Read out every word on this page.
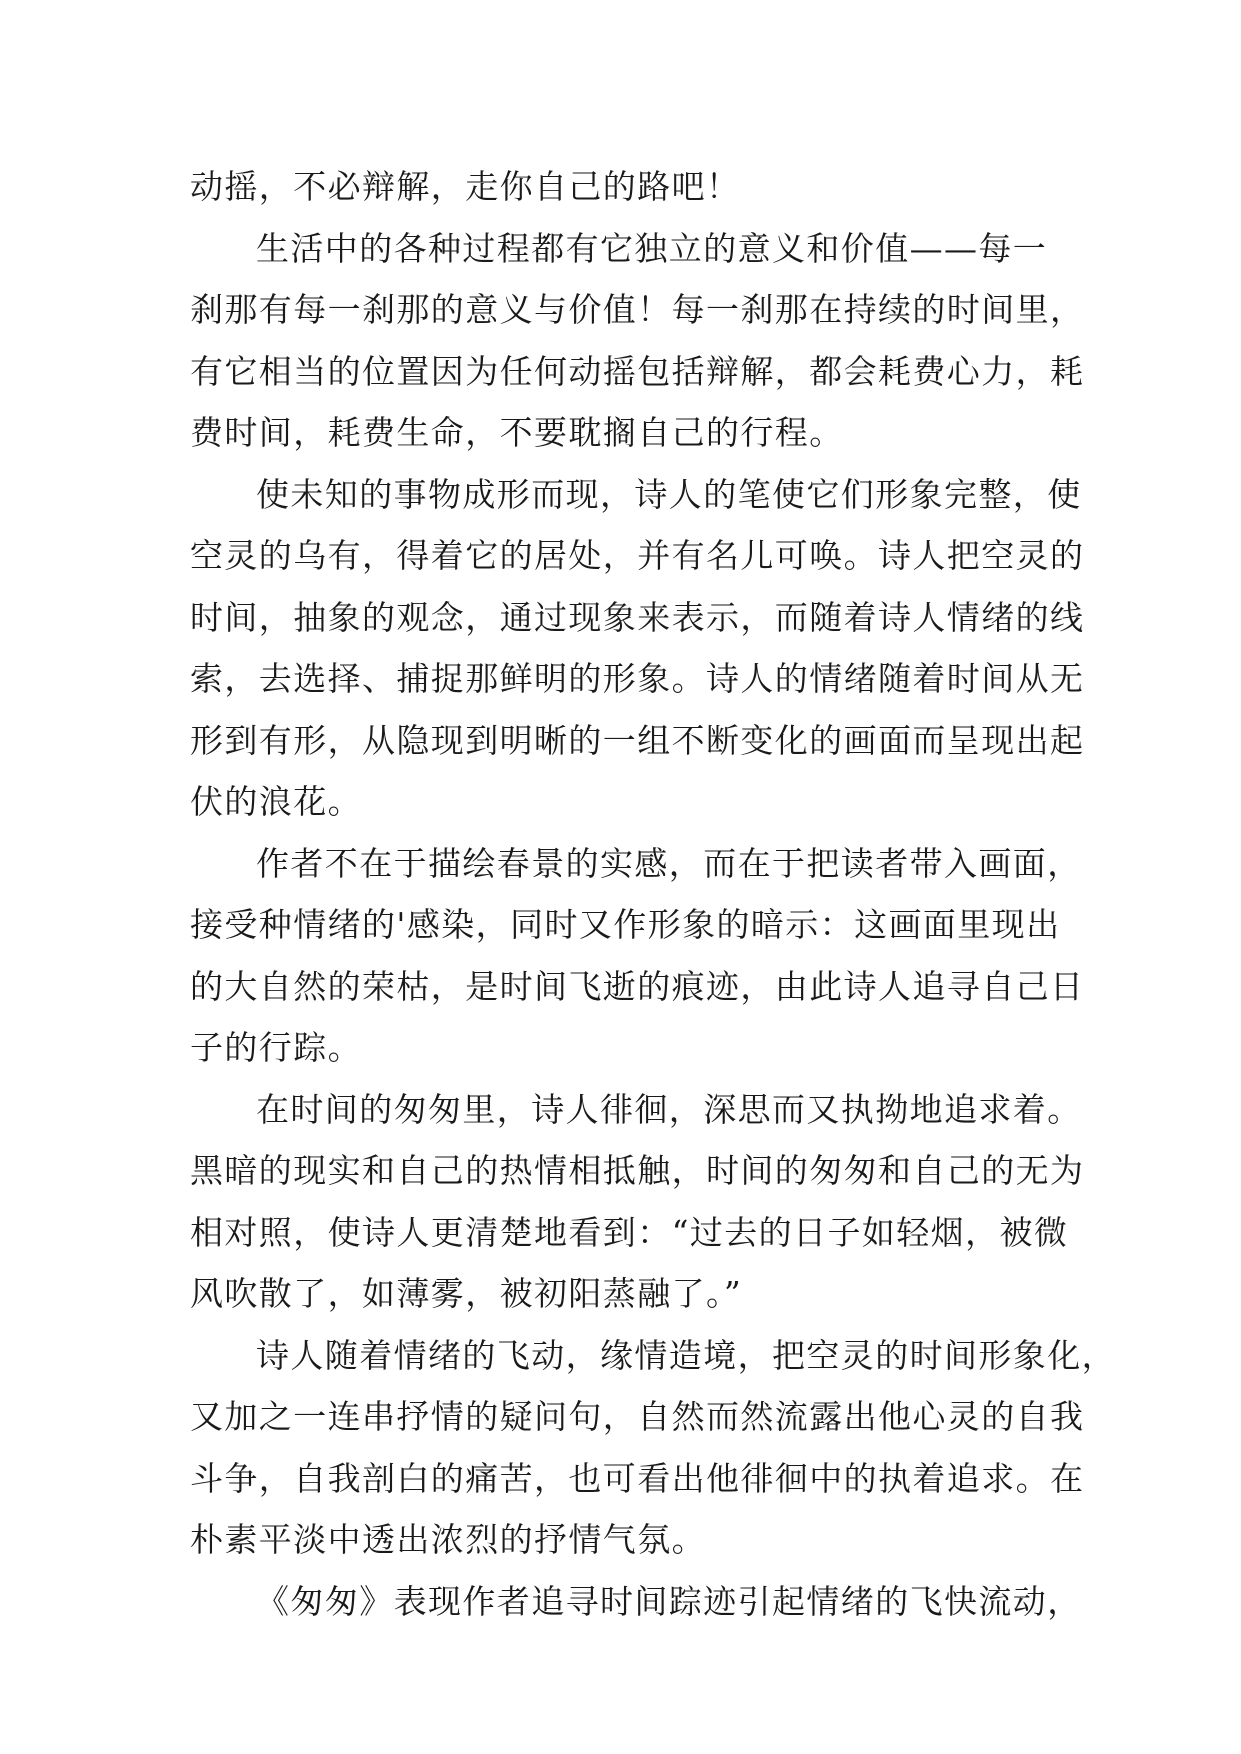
动摇，不必辩解，走你自己的路吧！
生活中的各种过程都有它独立的意义和价值——每一
刹那有每一刹那的意义与价值！每一刹那在持续的时间里，
有它相当的位置因为任何动摇包括辩解，都会耗费心力，耗
费时间，耗费生命，不要耽搁自己的行程。
使未知的事物成形而现，诗人的笔使它们形象完整，使
空灵的乌有，得着它的居处，并有名儿可唤。诗人把空灵的
时间，抽象的观念，通过现象来表示，而随着诗人情绪的线
索，去选择、捕捉那鲜明的形象。诗人的情绪随着时间从无
形到有形，从隐现到明晰的一组不断变化的画面而呈现出起
伏的浪花。
作者不在于描绘春景的实感，而在于把读者带入画面，
接受种情绪的'感染，同时又作形象的暗示：这画面里现出
的大自然的荣枯，是时间飞逝的痕迹，由此诗人追寻自己日
子的行踪。
在时间的匆匆里，诗人徘徊，深思而又执拗地追求着。
黑暗的现实和自己的热情相抵触，时间的匆匆和自己的无为
相对照，使诗人更清楚地看到：“过去的日子如轻烟，被微
风吹散了，如薄雾，被初阳蒸融了。”
诗人随着情绪的飞动，缘情造境，把空灵的时间形象化，
又加之一连串抒情的疑问句，自然而然流露出他心灵的自我
斗争，自我剖白的痛苦，也可看出他徘徊中的执着追求。在
朴素平淡中透出浓烈的抒情气氛。
《匆匆》表现作者追寻时间踪迹引起情绪的飞快流动，
